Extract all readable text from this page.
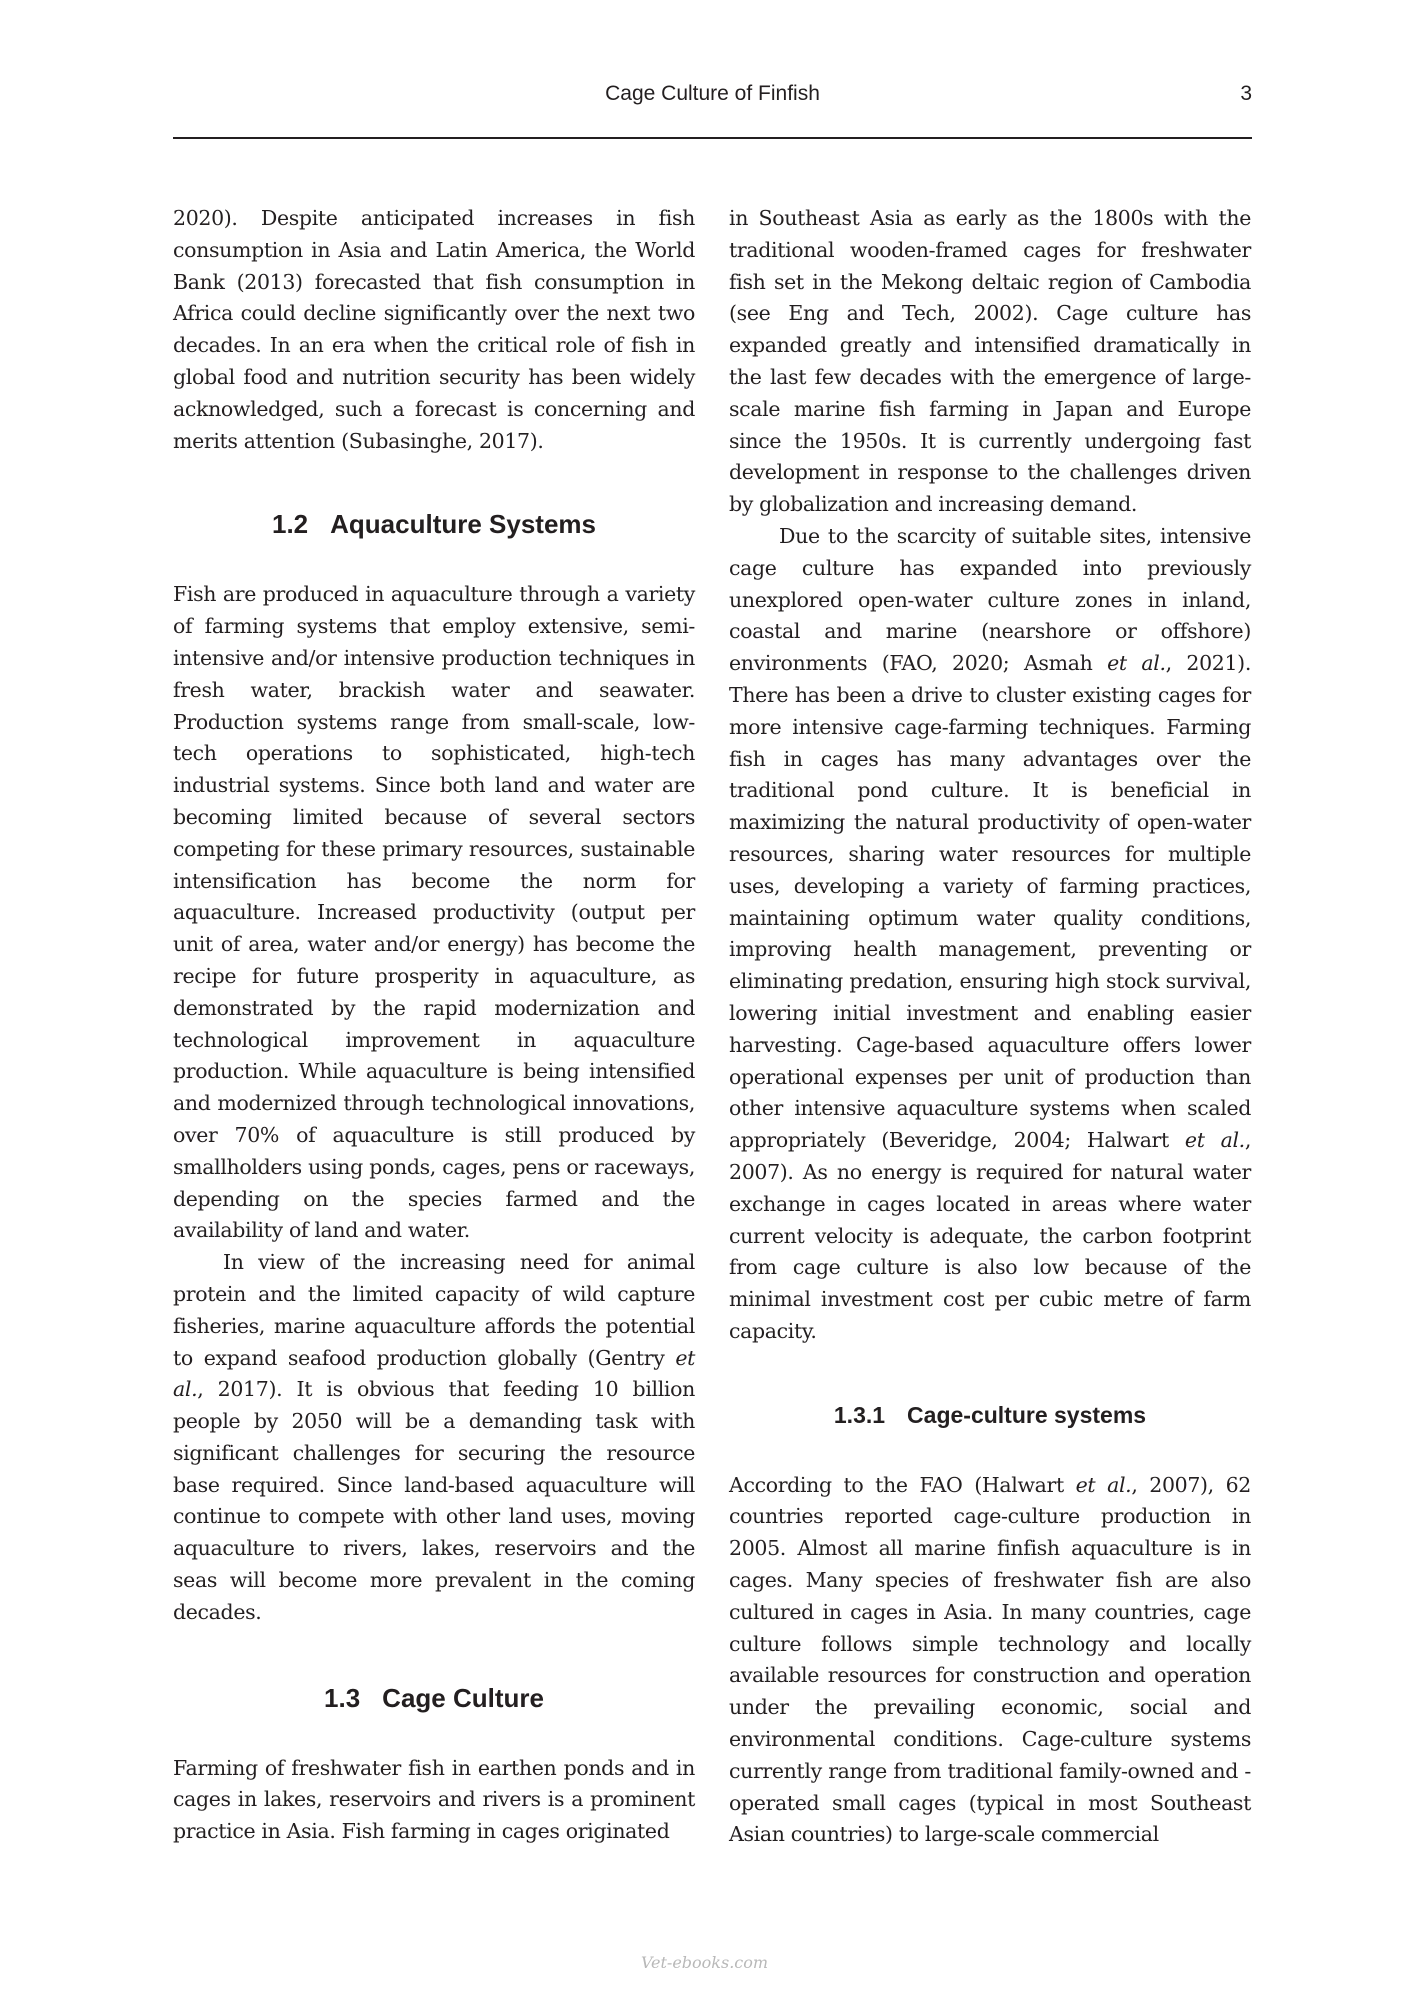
Cage Culture of Finfish	3

2020). Despite anticipated increases in fish consumption in Asia and Latin America, the World Bank (2013) forecasted that fish consumption in Africa could decline significantly over the next two decades. In an era when the critical role of fish in global food and nutrition security has been widely acknowledged, such a forecast is concerning and merits attention (Subasinghe, 2017).

1.2 Aquaculture Systems

Fish are produced in aquaculture through a variety of farming systems that employ extensive, semi-intensive and/or intensive production techniques in fresh water, brackish water and seawater. Production systems range from small-scale, low-tech operations to sophisticated, high-tech industrial systems. Since both land and water are becoming limited because of several sectors competing for these primary resources, sustainable intensification has become the norm for aquaculture. Increased productivity (output per unit of area, water and/or energy) has become the recipe for future prosperity in aquaculture, as demonstrated by the rapid modernization and technological improvement in aquaculture production. While aquaculture is being intensified and modernized through technological innovations, over 70% of aquaculture is still produced by smallholders using ponds, cages, pens or raceways, depending on the species farmed and the availability of land and water.

In view of the increasing need for animal protein and the limited capacity of wild capture fisheries, marine aquaculture affords the potential to expand seafood production globally (Gentry et al., 2017). It is obvious that feeding 10 billion people by 2050 will be a demanding task with significant challenges for securing the resource base required. Since land-based aquaculture will continue to compete with other land uses, moving aquaculture to rivers, lakes, reservoirs and the seas will become more prevalent in the coming decades.

1.3 Cage Culture

Farming of freshwater fish in earthen ponds and in cages in lakes, reservoirs and rivers is a prominent practice in Asia. Fish farming in cages originated

in Southeast Asia as early as the 1800s with the traditional wooden-framed cages for freshwater fish set in the Mekong deltaic region of Cambodia (see Eng and Tech, 2002). Cage culture has expanded greatly and intensified dramatically in the last few decades with the emergence of large-scale marine fish farming in Japan and Europe since the 1950s. It is currently undergoing fast development in response to the challenges driven by globalization and increasing demand.

Due to the scarcity of suitable sites, intensive cage culture has expanded into previously unexplored open-water culture zones in inland, coastal and marine (nearshore or offshore) environments (FAO, 2020; Asmah et al., 2021). There has been a drive to cluster existing cages for more intensive cage-farming techniques. Farming fish in cages has many advantages over the traditional pond culture. It is beneficial in maximizing the natural productivity of open-water resources, sharing water resources for multiple uses, developing a variety of farming practices, maintaining optimum water quality conditions, improving health management, preventing or eliminating predation, ensuring high stock survival, lowering initial investment and enabling easier harvesting. Cage-based aquaculture offers lower operational expenses per unit of production than other intensive aquaculture systems when scaled appropriately (Beveridge, 2004; Halwart et al., 2007). As no energy is required for natural water exchange in cages located in areas where water current velocity is adequate, the carbon footprint from cage culture is also low because of the minimal investment cost per cubic metre of farm capacity.

1.3.1 Cage-culture systems

According to the FAO (Halwart et al., 2007), 62 countries reported cage-culture production in 2005. Almost all marine finfish aquaculture is in cages. Many species of freshwater fish are also cultured in cages in Asia. In many countries, cage culture follows simple technology and locally available resources for construction and operation under the prevailing economic, social and environmental conditions. Cage-culture systems currently range from traditional family-owned and -operated small cages (typical in most Southeast Asian countries) to large-scale commercial

Vet-ebooks.com
